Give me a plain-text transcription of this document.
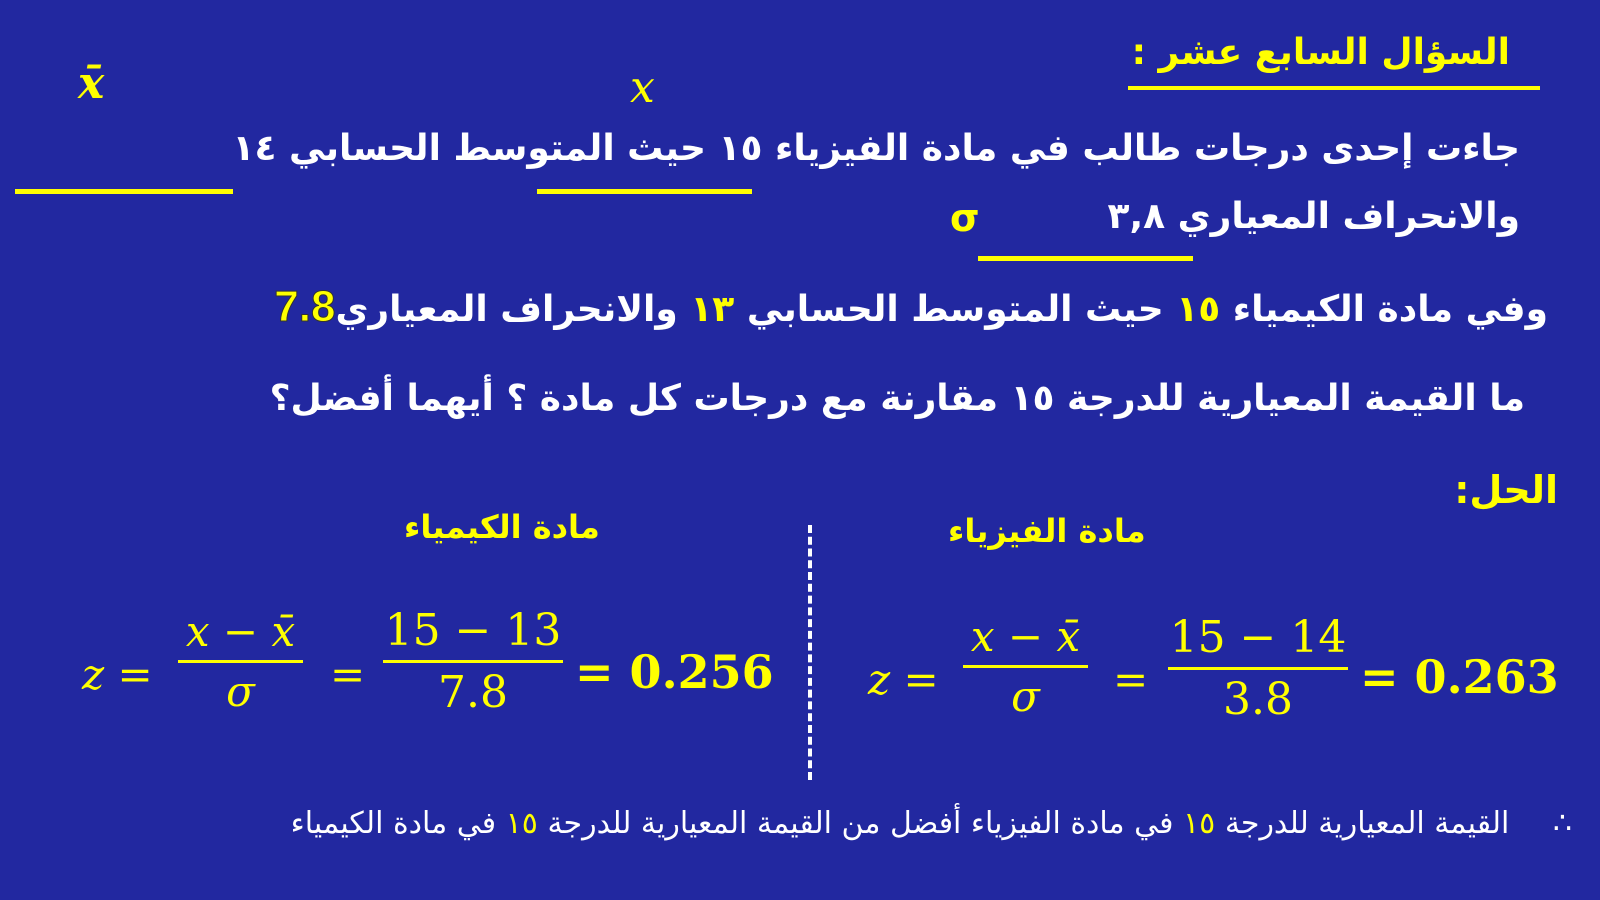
السؤال السابع عشر :
x̄	x
جاءت إحدى درجات طالب في مادة الفيزياء ١٥ حيث المتوسط الحسابي ١٤
والانحراف المعياري ٣,٨
σ
وفي مادة الكيمياء ١٥ حيث المتوسط الحسابي ١٣ والانحراف المعياري7.8
ما القيمة المعيارية للدرجة ١٥ مقارنة مع درجات كل مادة ؟ أيهما أفضل؟
الحل:
مادة الفيزياء
مادة الكيمياء
z =
x − x̄
σ =
15 − 14
3.8 = 0.263
z =
x − x̄
σ =
15 − 13
7.8 = 0.256
∴ القيمة المعيارية للدرجة ١٥ في مادة الفيزياء أفضل من القيمة المعيارية للدرجة ١٥ في مادة الكيمياء
